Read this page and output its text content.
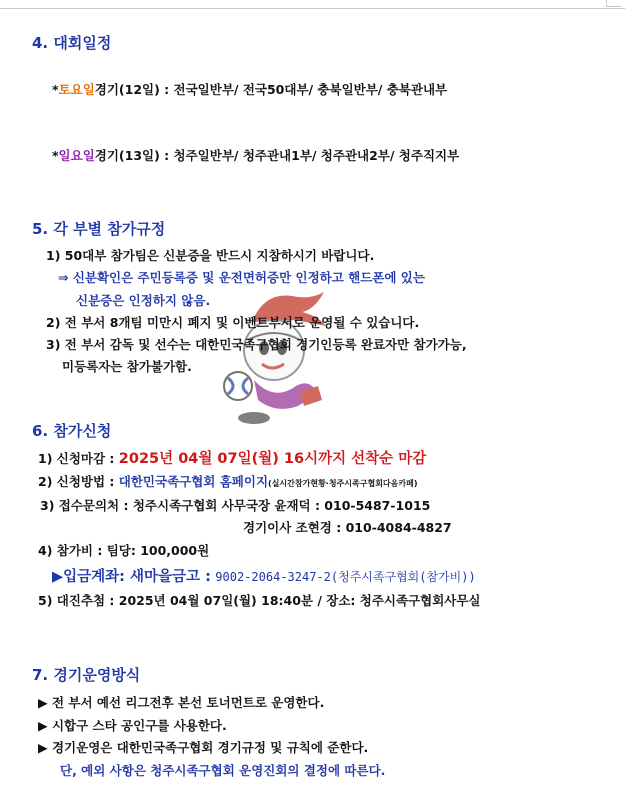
4. 대회일정
*토요일경기(12일) : 전국일반부/ 전국50대부/ 충북일반부/ 충북관내부
*일요일경기(13일) : 청주일반부/ 청주관내1부/ 청주관내2부/ 청주직지부
5. 각 부별 참가규정
1) 50대부 참가팀은 신분증을 반드시 지참하시기 바랍니다.
⇒ 신분확인은 주민등록증 및 운전면허증만 인정하고 핸드폰에 있는
신분증은 인정하지 않음.
2) 전 부서 8개팀 미만시 폐지 및 이벤트부서로 운영될 수 있습니다.
3) 전 부서 감독 및 선수는 대한민국족구협회 경기인등록 완료자만 참가가능,
미등록자는 참가불가함.
6. 참가신청
1) 신청마감 : 2025년 04월 07일(월) 16시까지 선착순 마감
2) 신청방법 : 대한민국족구협회 홈페이지(실시간참가현황·청주시족구협회다음카페)
3) 접수문의처 : 청주시족구협회 사무국장 윤재덕 : 010-5487-1015
경기이사 조현경 : 010-4084-4827
4) 참가비 : 팀당: 100,000원
▶입금계좌: 새마을금고 : 9002-2064-3247-2(청주시족구협회(참가비))
5) 대진추첨 : 2025년 04월 07일(월) 18:40분 / 장소: 청주시족구협회사무실
7. 경기운영방식
▶ 전 부서 예선 리그전후 본선 토너먼트로 운영한다.
▶ 시합구 스타 공인구를 사용한다.
▶ 경기운영은 대한민국족구협회 경기규정 및 규칙에 준한다.
단, 예외 사항은 청주시족구협회 운영진회의 결정에 따른다.
